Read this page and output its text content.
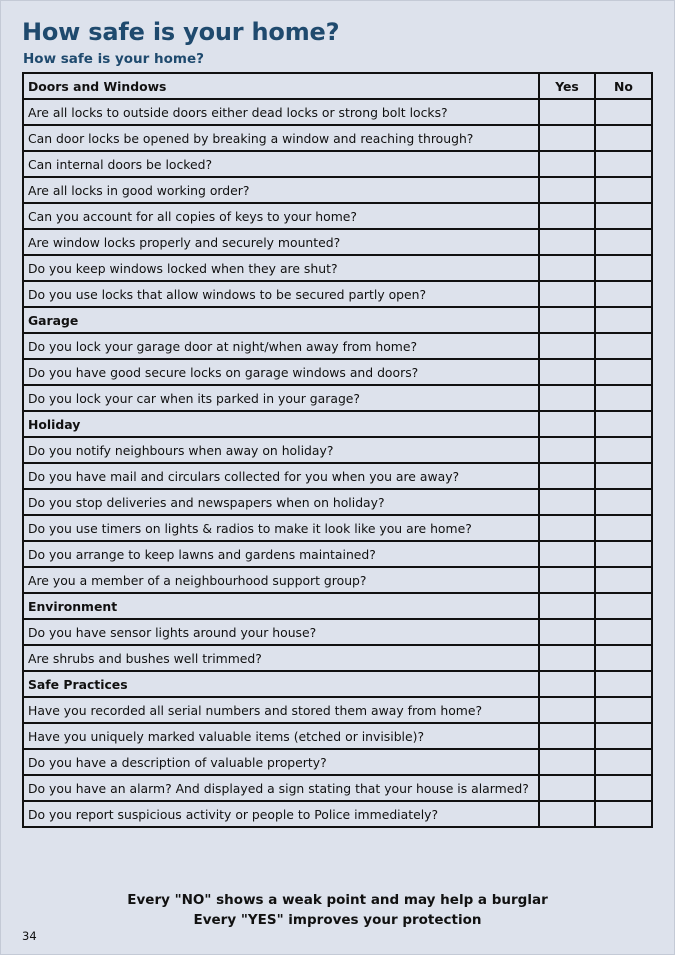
How safe is your home?
How safe is your home?
Doors and Windows	Yes	No
Are all locks to outside doors either dead locks or strong bolt locks?		
Can door locks be opened by breaking a window and reaching through?		
Can internal doors be locked?		
Are all locks in good working order?		
Can you account for all copies of keys to your home?		
Are window locks properly and securely mounted?		
Do you keep windows locked when they are shut?		
Do you use locks that allow windows to be secured partly open?		
Garage		
Do you lock your garage door at night/when away from home?		
Do you have good secure locks on garage windows and doors?		
Do you lock your car when its parked in your garage?		
Holiday		
Do you notify neighbours when away on holiday?		
Do you have mail and circulars collected for you when you are away?		
Do you stop deliveries and newspapers when on holiday?		
Do you use timers on lights & radios to make it look like you are home?		
Do you arrange to keep lawns and gardens maintained?		
Are you a member of a neighbourhood support group?		
Environment		
Do you have sensor lights around your house?		
Are shrubs and bushes well trimmed?		
Safe Practices		
Have you recorded all serial numbers and stored them away from home?		
Have you uniquely marked valuable items (etched or invisible)?		
Do you have a description of valuable property?		
Do you have an alarm? And displayed a sign stating that your house is alarmed?		
Do you report suspicious activity or people to Police immediately?		
Every "NO" shows a weak point and may help a burglar
Every "YES" improves your protection
34
